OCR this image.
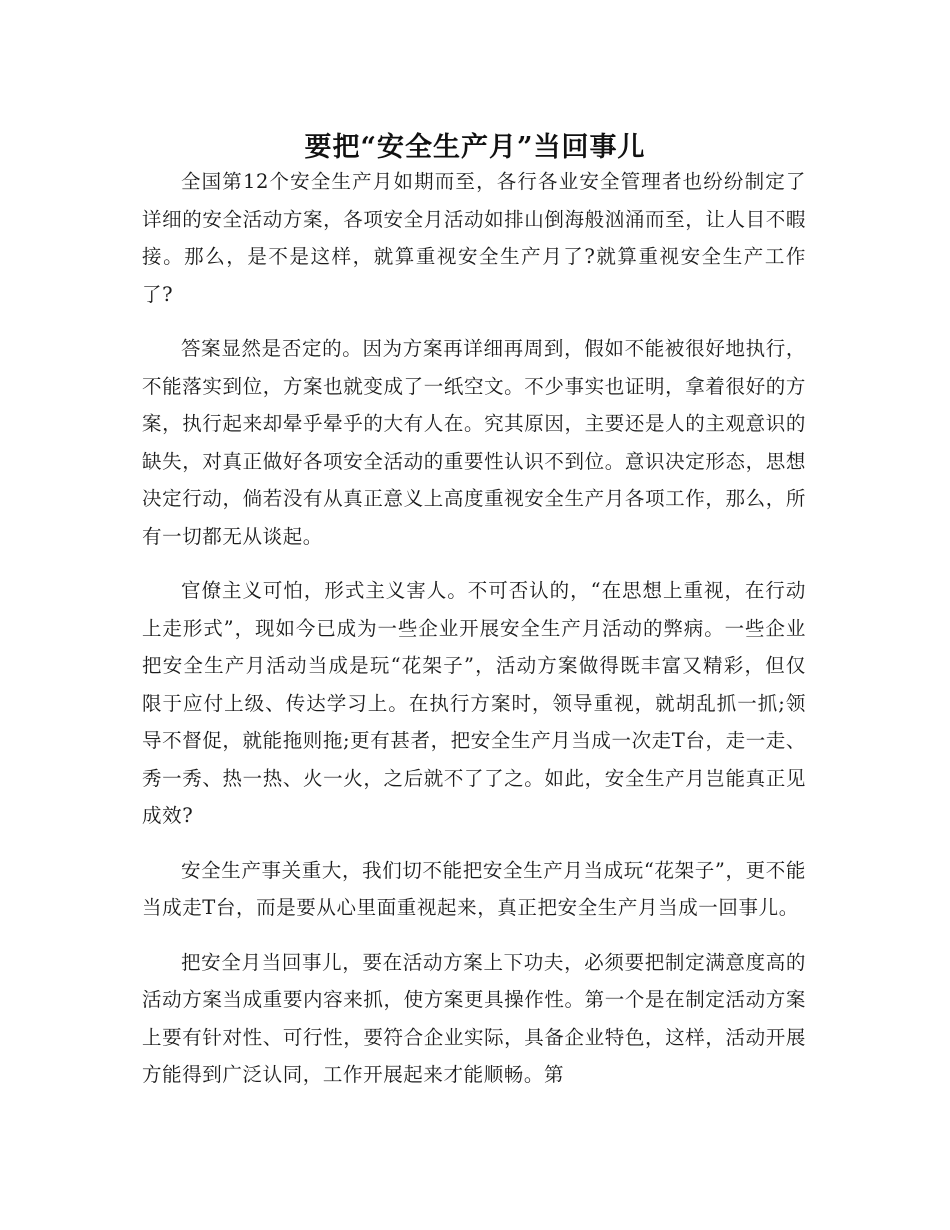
要把“安全生产月”当回事儿

全国第12个安全生产月如期而至，各行各业安全管理者也纷纷制定了详细的安全活动方案，各项安全月活动如排山倒海般汹涌而至，让人目不暇接。那么，是不是这样，就算重视安全生产月了?就算重视安全生产工作了?

答案显然是否定的。因为方案再详细再周到，假如不能被很好地执行，不能落实到位，方案也就变成了一纸空文。不少事实也证明，拿着很好的方案，执行起来却晕乎晕乎的大有人在。究其原因，主要还是人的主观意识的缺失，对真正做好各项安全活动的重要性认识不到位。意识决定形态，思想决定行动，倘若没有从真正意义上高度重视安全生产月各项工作，那么，所有一切都无从谈起。

官僚主义可怕，形式主义害人。不可否认的，“在思想上重视，在行动上走形式”，现如今已成为一些企业开展安全生产月活动的弊病。一些企业把安全生产月活动当成是玩“花架子”，活动方案做得既丰富又精彩，但仅限于应付上级、传达学习上。在执行方案时，领导重视，就胡乱抓一抓;领导不督促，就能拖则拖;更有甚者，把安全生产月当成一次走T台，走一走、秀一秀、热一热、火一火，之后就不了了之。如此，安全生产月岂能真正见成效?

安全生产事关重大，我们切不能把安全生产月当成玩“花架子”，更不能当成走T台，而是要从心里面重视起来，真正把安全生产月当成一回事儿。

把安全月当回事儿，要在活动方案上下功夫，必须要把制定满意度高的活动方案当成重要内容来抓，使方案更具操作性。第一个是在制定活动方案上要有针对性、可行性，要符合企业实际，具备企业特色，这样，活动开展方能得到广泛认同，工作开展起来才能顺畅。第
